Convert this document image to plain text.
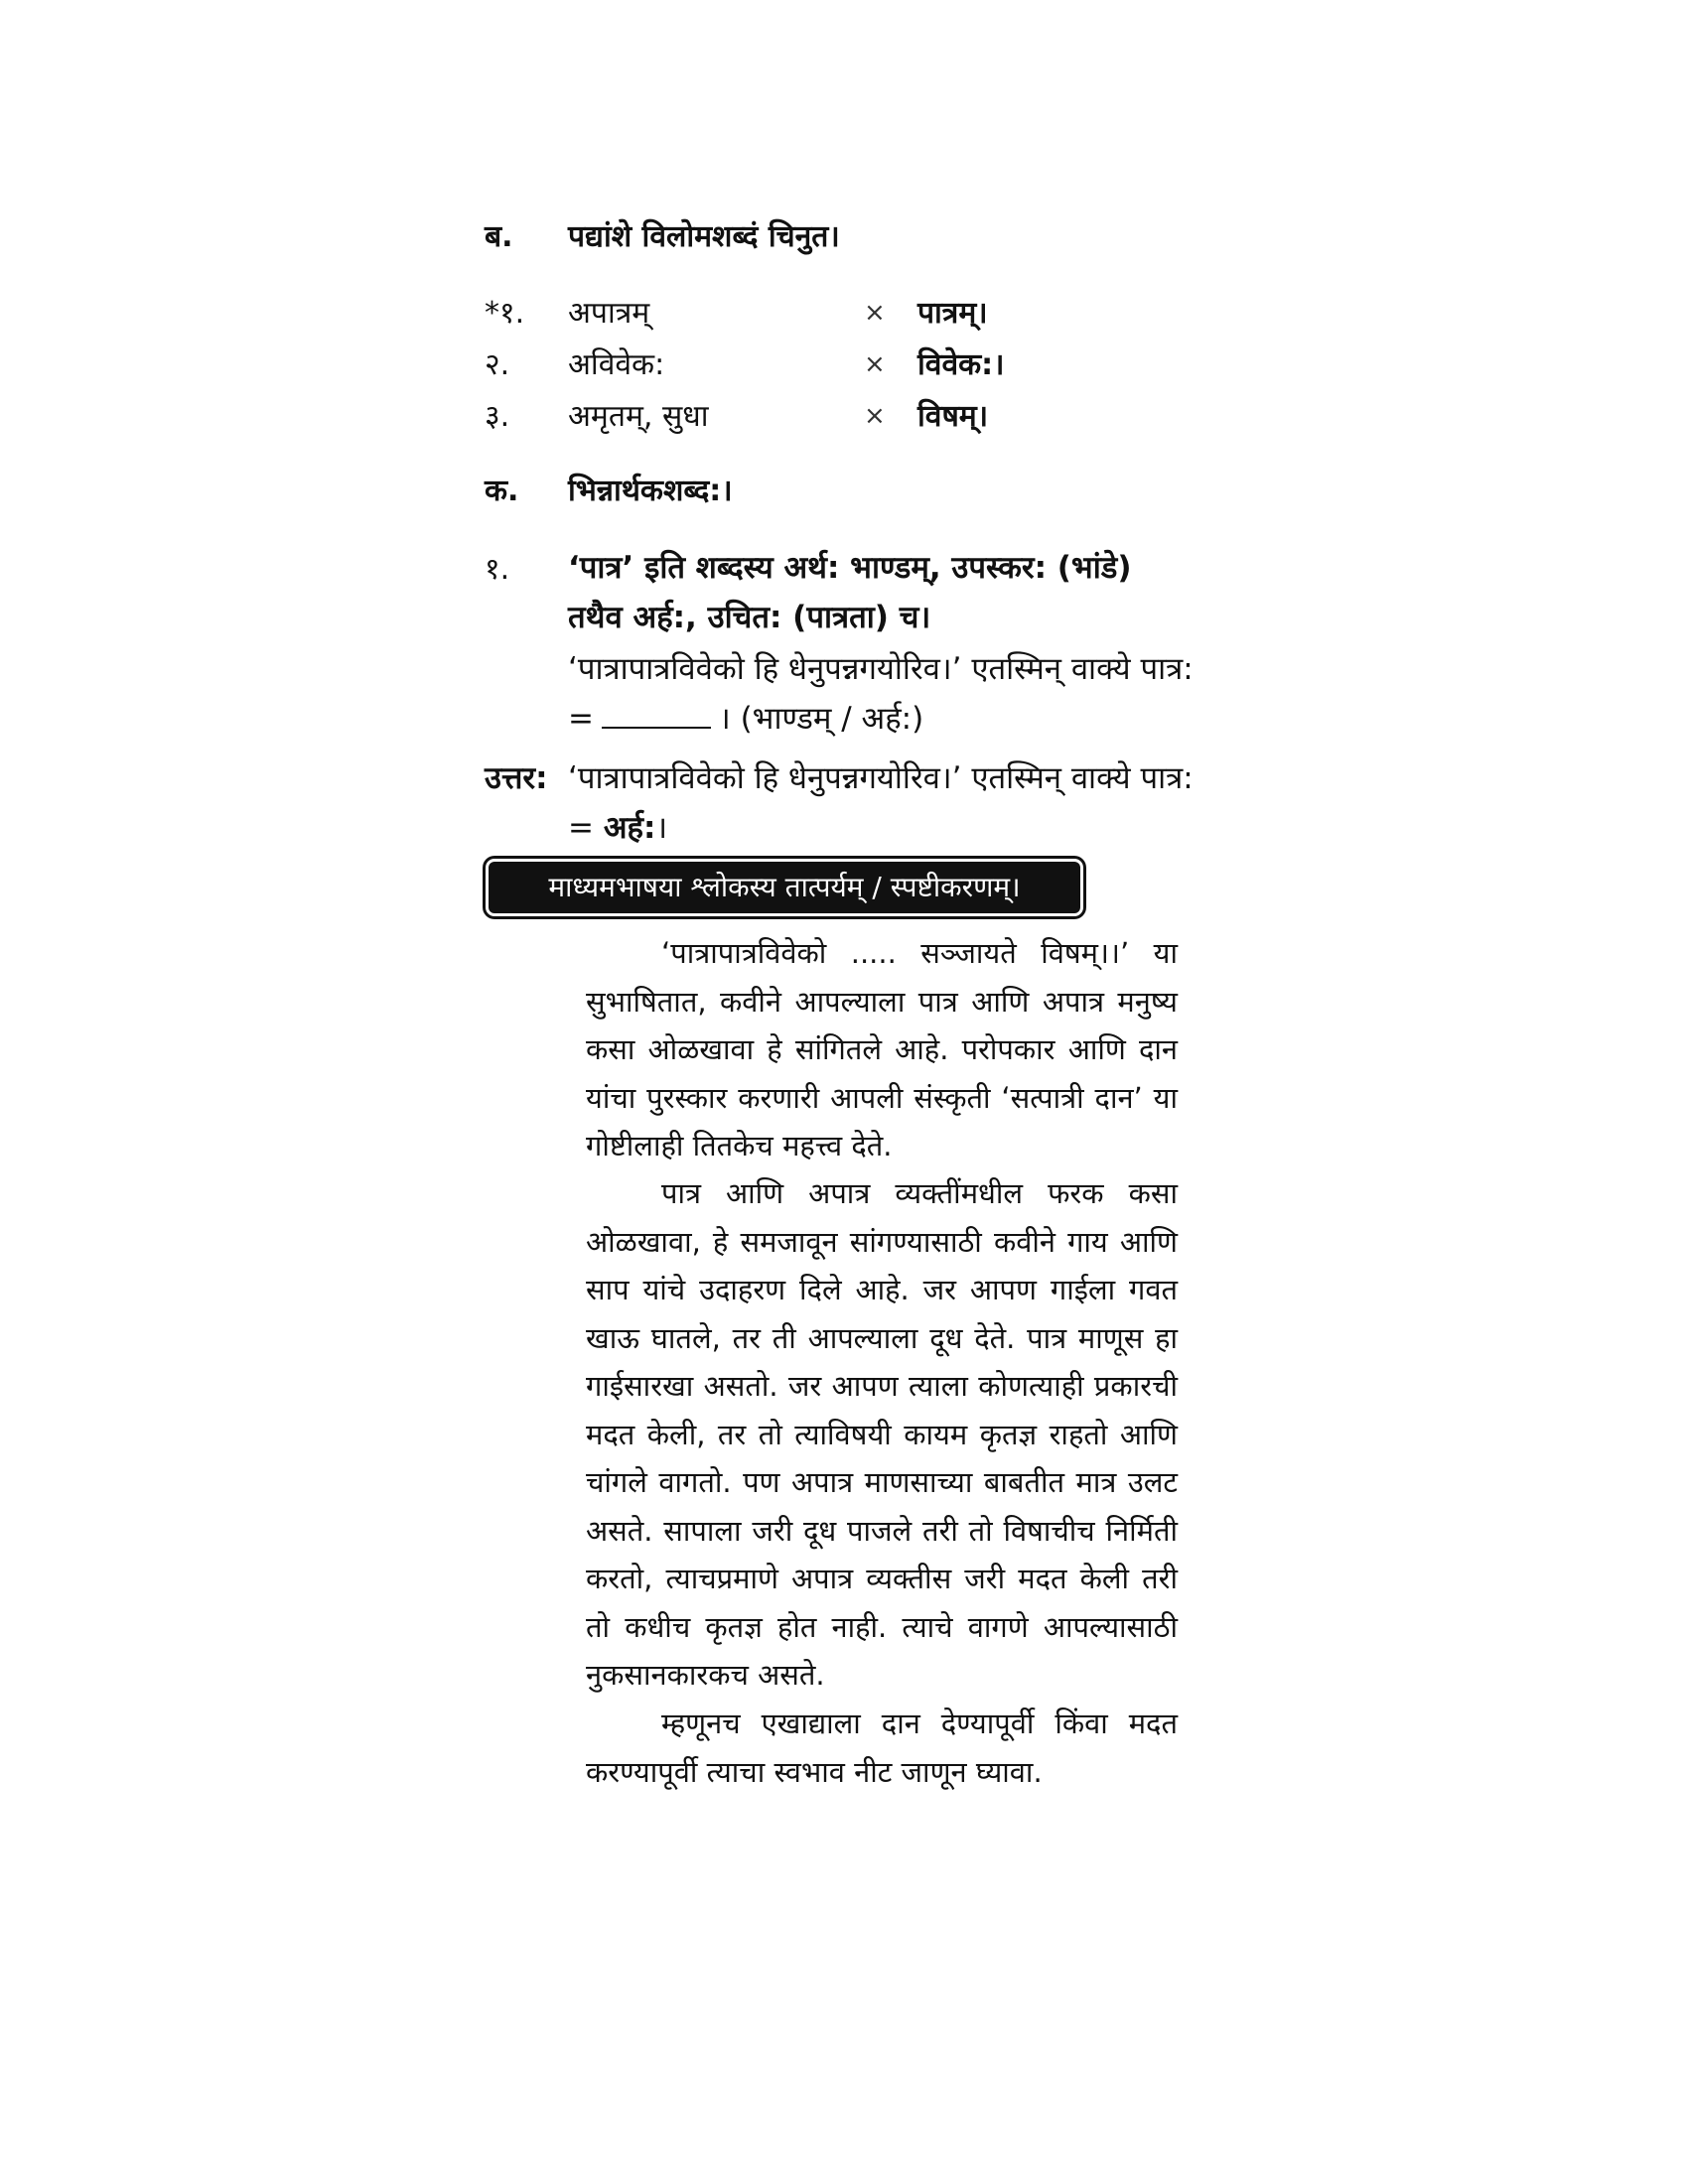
ब. पद्यांशे विलोमशब्दं चिनुत।
*१. अपात्रम्	× पात्रम्।
२. अविवेक:	× विवेक:।
३. अमृतम्, सुधा	× विषम्।
क. भिन्नार्थकशब्द:।
१. ‘पात्र’ इति शब्दस्य अर्थ: भाण्डम्, उपस्कर: (भांडे)
तथैव अर्ह:, उचित: (पात्रता) च।
‘पात्रापात्रविवेको हि धेनुपन्नगयोरिव।’ एतस्मिन् वाक्ये पात्र:
=	। (भाण्डम् / अर्ह:)
उत्तर: ‘पात्रापात्रविवेको हि धेनुपन्नगयोरिव।’ एतस्मिन् वाक्ये पात्र:
= अर्ह:।
माध्यमभाषया श्लोकस्य तात्पर्यम् / स्पष्टीकरणम्।
‘पात्रापात्रविवेको ..... सञ्जायते विषम्।।’ या सुभाषितात, कवीने आपल्याला पात्र आणि अपात्र मनुष्य कसा ओळखावा हे सांगितले आहे. परोपकार आणि दान यांचा पुरस्कार करणारी आपली संस्कृती ‘सत्पात्री दान’ या गोष्टीलाही तितकेच महत्त्व देते.
पात्र आणि अपात्र व्यक्तींमधील फरक कसा ओळखावा, हे समजावून सांगण्यासाठी कवीने गाय आणि साप यांचे उदाहरण दिले आहे. जर आपण गाईला गवत खाऊ घातले, तर ती आपल्याला दूध देते. पात्र माणूस हा गाईसारखा असतो. जर आपण त्याला कोणत्याही प्रकारची मदत केली, तर तो त्याविषयी कायम कृतज्ञ राहतो आणि चांगले वागतो. पण अपात्र माणसाच्या बाबतीत मात्र उलट असते. सापाला जरी दूध पाजले तरी तो विषाचीच निर्मिती करतो, त्याचप्रमाणे अपात्र व्यक्तीस जरी मदत केली तरी तो कधीच कृतज्ञ होत नाही. त्याचे वागणे आपल्यासाठी नुकसानकारकच असते.
म्हणूनच एखाद्याला दान देण्यापूर्वी किंवा मदत करण्यापूर्वी त्याचा स्वभाव नीट जाणून घ्यावा.
